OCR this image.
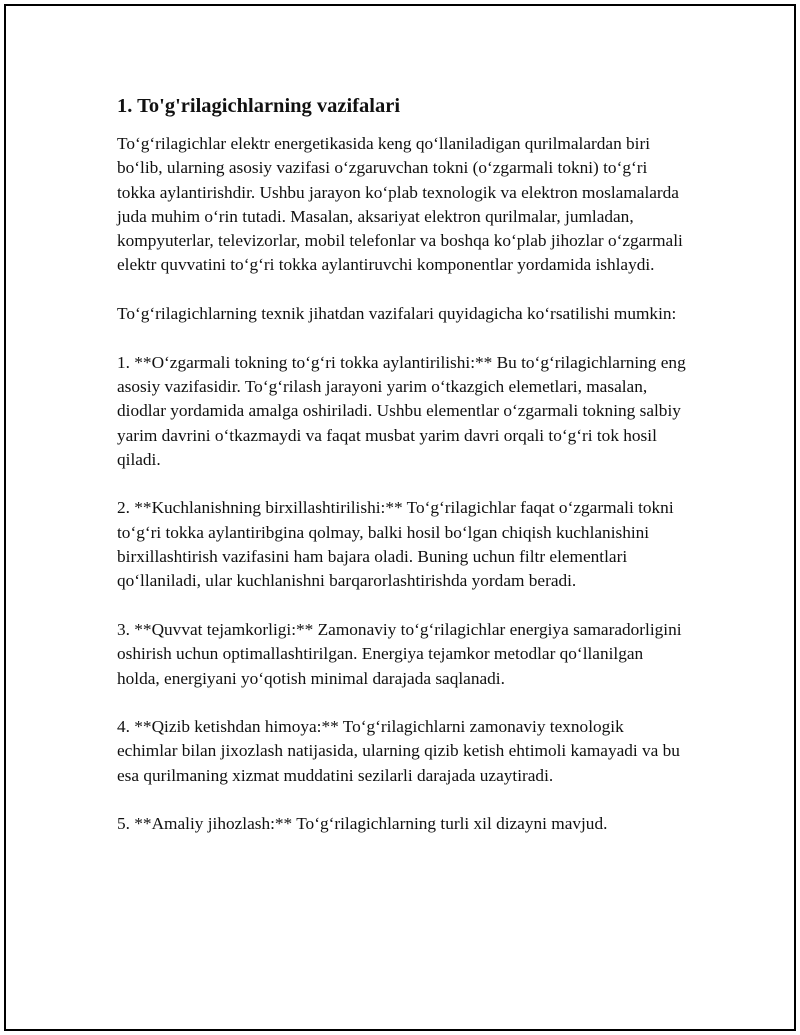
1. To'g'rilagichlarning vazifalari

To‘g‘rilagichlar elektr energetikasida keng qo‘llaniladigan qurilmalardan biri bo‘lib, ularning asosiy vazifasi o‘zgaruvchan tokni (o‘zgarmali tokni) to‘g‘ri tokka aylantirishdir. Ushbu jarayon ko‘plab texnologik va elektron moslamalarda juda muhim o‘rin tutadi. Masalan, aksariyat elektron qurilmalar, jumladan, kompyuterlar, televizorlar, mobil telefonlar va boshqa ko‘plab jihozlar o‘zgarmali elektr quvvatini to‘g‘ri tokka aylantiruvchi komponentlar yordamida ishlaydi.

To‘g‘rilagichlarning texnik jihatdan vazifalari quyidagicha ko‘rsatilishi mumkin:

1. **O‘zgarmali tokning to‘g‘ri tokka aylantirilishi:** Bu to‘g‘rilagichlarning eng asosiy vazifasidir. To‘g‘rilash jarayoni yarim o‘tkazgich elemetlari, masalan, diodlar yordamida amalga oshiriladi. Ushbu elementlar o‘zgarmali tokning salbiy yarim davrini o‘tkazmaydi va faqat musbat yarim davri orqali to‘g‘ri tok hosil qiladi.

2. **Kuchlanishning birxillashtirilishi:** To‘g‘rilagichlar faqat o‘zgarmali tokni to‘g‘ri tokka aylantiribgina qolmay, balki hosil bo‘lgan chiqish kuchlanishini birxillashtirish vazifasini ham bajara oladi. Buning uchun filtr elementlari qo‘llaniladi, ular kuchlanishni barqarorlashtirishda yordam beradi.

3. **Quvvat tejamkorligi:** Zamonaviy to‘g‘rilagichlar energiya samaradorligini oshirish uchun optimallashtirilgan. Energiya tejamkor metodlar qo‘llanilgan holda, energiyani yo‘qotish minimal darajada saqlanadi.

4. **Qizib ketishdan himoya:** To‘g‘rilagichlarni zamonaviy texnologik echimlar bilan jixozlash natijasida, ularning qizib ketish ehtimoli kamayadi va bu esa qurilmaning xizmat muddatini sezilarli darajada uzaytiradi.

5. **Amaliy jihozlash:** To‘g‘rilagichlarning turli xil dizayni mavjud.
